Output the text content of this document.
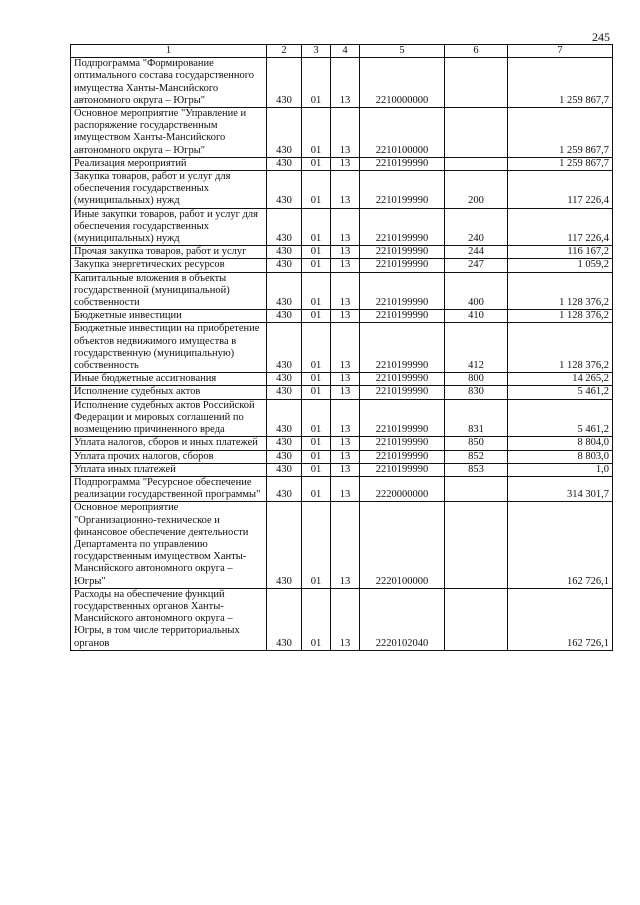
245
1	2	3	4	5	6	7
Подпрограмма "Формирование оптимального состава государственного имущества Ханты-Мансийского автономного округа – Югры"	430	01	13	2210000000		1 259 867,7
Основное мероприятие "Управление и распоряжение государственным имуществом Ханты-Мансийского автономного округа – Югры"	430	01	13	2210100000		1 259 867,7
Реализация мероприятий	430	01	13	2210199990		1 259 867,7
Закупка товаров, работ и услуг для обеспечения государственных (муниципальных) нужд	430	01	13	2210199990	200	117 226,4
Иные закупки товаров, работ и услуг для обеспечения государственных (муниципальных) нужд	430	01	13	2210199990	240	117 226,4
Прочая закупка товаров, работ и услуг	430	01	13	2210199990	244	116 167,2
Закупка энергетических ресурсов	430	01	13	2210199990	247	1 059,2
Капитальные вложения в объекты государственной (муниципальной) собственности	430	01	13	2210199990	400	1 128 376,2
Бюджетные инвестиции	430	01	13	2210199990	410	1 128 376,2
Бюджетные инвестиции на приобретение объектов недвижимого имущества в государственную (муниципальную) собственность	430	01	13	2210199990	412	1 128 376,2
Иные бюджетные ассигнования	430	01	13	2210199990	800	14 265,2
Исполнение судебных актов	430	01	13	2210199990	830	5 461,2
Исполнение судебных актов Российской Федерации и мировых соглашений по возмещению причиненного вреда	430	01	13	2210199990	831	5 461,2
Уплата налогов, сборов и иных платежей	430	01	13	2210199990	850	8 804,0
Уплата прочих налогов, сборов	430	01	13	2210199990	852	8 803,0
Уплата иных платежей	430	01	13	2210199990	853	1,0
Подпрограмма "Ресурсное обеспечение реализации государственной программы"	430	01	13	2220000000		314 301,7
Основное мероприятие "Организационно-техническое и финансовое обеспечение деятельности Департамента по управлению государственным имуществом Ханты-Мансийского автономного округа – Югры"	430	01	13	2220100000		162 726,1
Расходы на обеспечение функций государственных органов Ханты-Мансийского автономного округа – Югры, в том числе территориальных органов	430	01	13	2220102040		162 726,1
